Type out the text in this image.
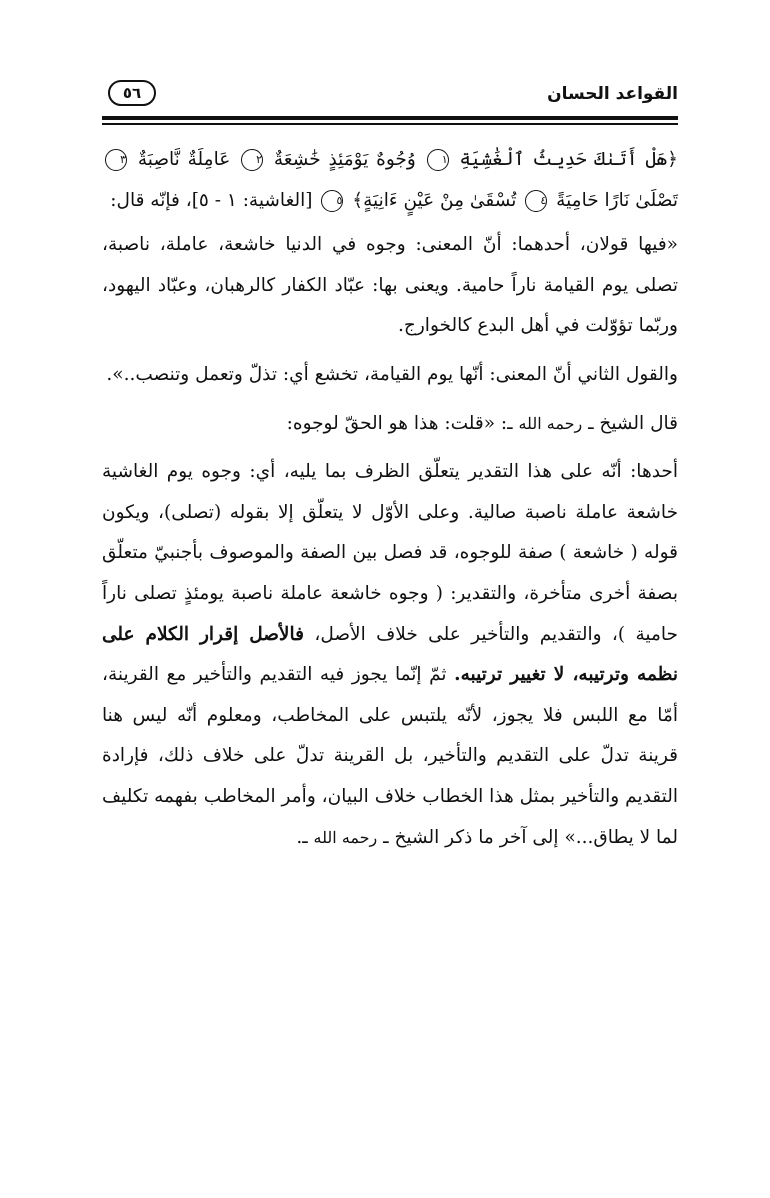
القواعد الحسان
٥٦

﴿هَلْ أَتَىٰكَ حَدِيثُ ٱلْغَٰشِيَةِ ١ وُجُوهٌ يَوْمَئِذٍ خَٰشِعَةٌ ٢ عَامِلَةٌ نَّاصِبَةٌ ٣ تَصْلَىٰ نَارًا حَامِيَةً ٤ تُسْقَىٰ مِنْ عَيْنٍ ءَانِيَةٍ﴾ ٥ [الغاشية: ١ - ٥]، فإنّه قال:

«فيها قولان، أحدهما: أنّ المعنى: وجوه في الدنيا خاشعة، عاملة، ناصبة، تصلى يوم القيامة ناراً حامية. ويعنى بها: عبّاد الكفار كالرهبان، وعبّاد اليهود، وربّما تؤوّلت في أهل البدع كالخوارج.

والقول الثاني أنّ المعنى: أنّها يوم القيامة، تخشع أي: تذلّ وتعمل وتنصب..».

قال الشيخ ـ رحمه الله ـ: «قلت: هذا هو الحقّ لوجوه:

أحدها: أنّه على هذا التقدير يتعلّق الظرف بما يليه، أي: وجوه يوم الغاشية خاشعة عاملة ناصبة صالية. وعلى الأوّل لا يتعلّق إلا بقوله (تصلى)، ويكون قوله ( خاشعة ) صفة للوجوه، قد فصل بين الصفة والموصوف بأجنبيّ متعلّق بصفة أخرى متأخرة، والتقدير: ( وجوه خاشعة عاملة ناصبة يومئذٍ تصلى ناراً حامية )، والتقديم والتأخير على خلاف الأصل، فالأصل إقرار الكلام على نظمه وترتيبه، لا تغيير ترتيبه. ثمّ إنّما يجوز فيه التقديم والتأخير مع القرينة، أمّا مع اللبس فلا يجوز، لأنّه يلتبس على المخاطب، ومعلوم أنّه ليس هنا قرينة تدلّ على التقديم والتأخير، بل القرينة تدلّ على خلاف ذلك، فإرادة التقديم والتأخير بمثل هذا الخطاب خلاف البيان، وأمر المخاطب بفهمه تكليف لما لا يطاق...» إلى آخر ما ذكر الشيخ ـ رحمه الله ـ.
